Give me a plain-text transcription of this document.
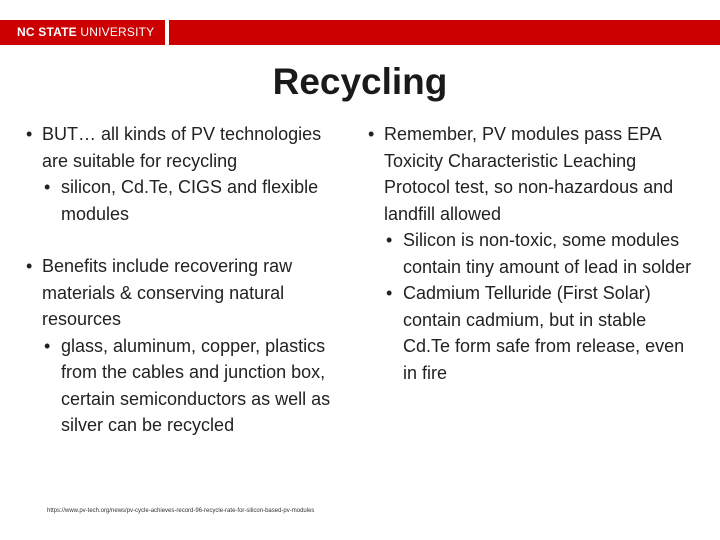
NC STATE UNIVERSITY
Recycling
• BUT… all kinds of PV technologies are suitable for recycling
• silicon, Cd.Te, CIGS and flexible modules
• Benefits include recovering raw materials & conserving natural resources
• glass, aluminum, copper, plastics from the cables and junction box, certain semiconductors as well as silver can be recycled
• Remember, PV modules pass EPA Toxicity Characteristic Leaching Protocol test, so non-hazardous and landfill allowed
• Silicon is non-toxic, some modules contain tiny amount of lead in solder
• Cadmium Telluride (First Solar) contain cadmium, but in stable Cd.Te form safe from release, even in fire
https://www.pv-tech.org/news/pv-cycle-achieves-record-96-recycle-rate-for-silicon-based-pv-modules
